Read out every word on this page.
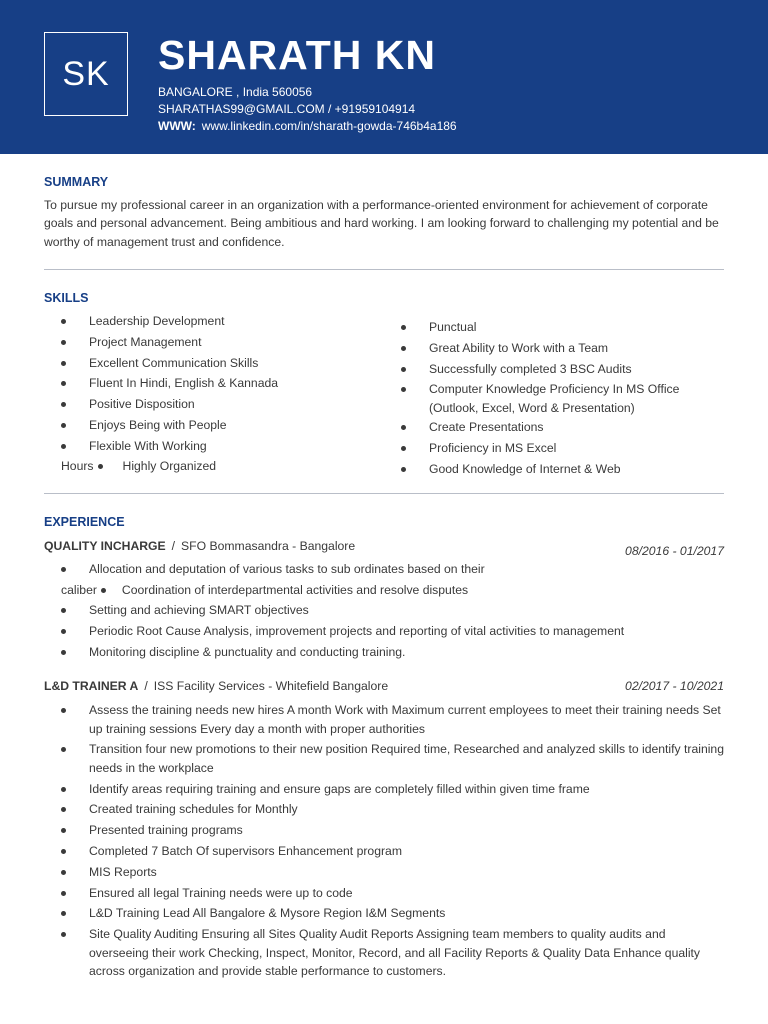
SK	SHARATH KN
BANGALORE , India 560056
SHARATHAS99@GMAIL.COM / +91959104914
WWW: www.linkedin.com/in/sharath-gowda-746b4a186
SUMMARY
To pursue my professional career in an organization with a performance-oriented environment for achievement of corporate goals and personal advancement. Being ambitious and hard working. I am looking forward to challenging my potential and be worthy of management trust and confidence.
SKILLS
Leadership Development
Project Management
Excellent Communication Skills
Fluent In Hindi, English & Kannada
Positive Disposition
Enjoys Being with People
Flexible With Working
Hours Highly Organized
Punctual
Great Ability to Work with a Team
Successfully completed 3 BSC Audits
Computer Knowledge Proficiency In MS Office (Outlook, Excel, Word & Presentation)
Create Presentations
Proficiency in MS Excel
Good Knowledge of Internet & Web
EXPERIENCE
QUALITY INCHARGE / SFO Bommasandra - Bangalore	08/2016 - 01/2017
Allocation and deputation of various tasks to sub ordinates based on their
caliber Coordination of interdepartmental activities and resolve disputes
Setting and achieving SMART objectives
Periodic Root Cause Analysis, improvement projects and reporting of vital activities to management
Monitoring discipline & punctuality and conducting training.
L&D TRAINER A / ISS Facility Services - Whitefield Bangalore	02/2017 - 10/2021
Assess the training needs new hires A month Work with Maximum current employees to meet their training needs Set up training sessions Every day a month with proper authorities
Transition four new promotions to their new position Required time, Researched and analyzed skills to identify training needs in the workplace
Identify areas requiring training and ensure gaps are completely filled within given time frame
Created training schedules for Monthly
Presented training programs
Completed 7 Batch Of supervisors Enhancement program
MIS Reports
Ensured all legal Training needs were up to code
L&D Training Lead All Bangalore & Mysore Region I&M Segments
Site Quality Auditing Ensuring all Sites Quality Audit Reports Assigning team members to quality audits and overseeing their work Checking, Inspect, Monitor, Record, and all Facility Reports & Quality Data Enhance quality across organization and provide stable performance to customers.
